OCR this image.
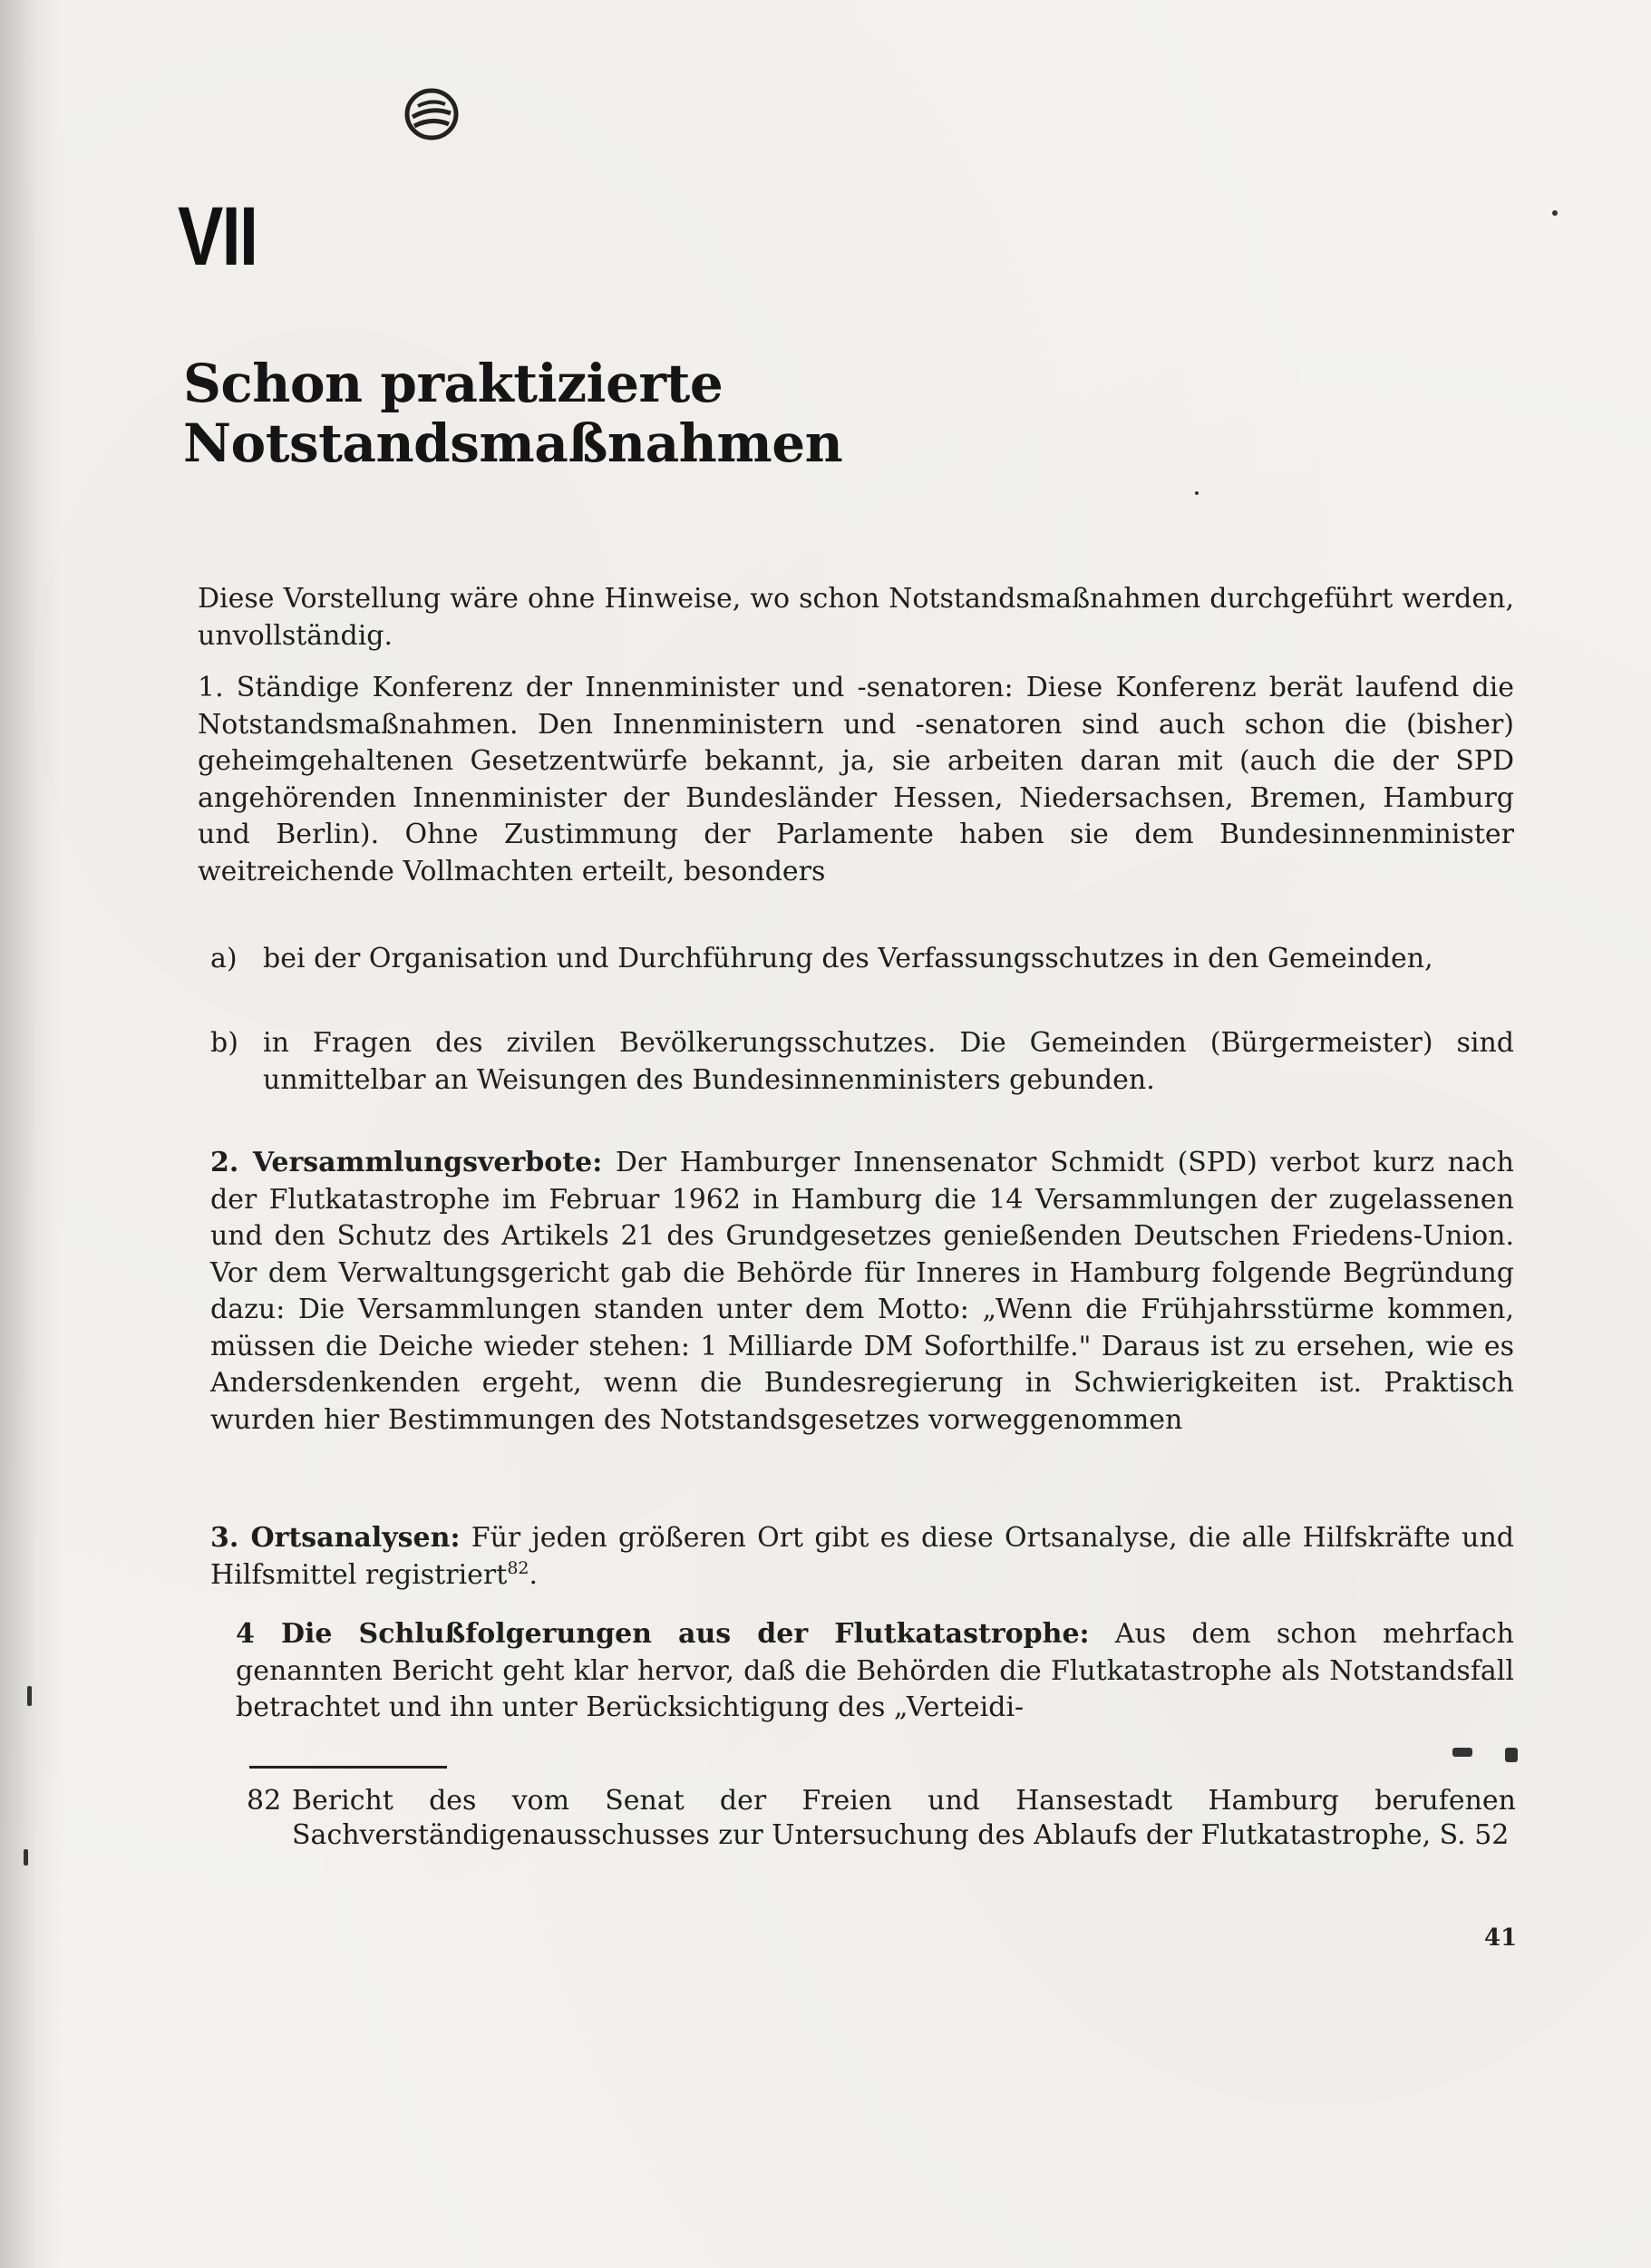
VII
Schon praktizierte
Notstandsmaßnahmen

Diese Vorstellung wäre ohne Hinweise, wo schon Notstandsmaßnahmen durchgeführt werden, unvollständig.

1. Ständige Konferenz der Innenminister und -senatoren: Diese Konferenz berät laufend die Notstandsmaßnahmen. Den Innenministern und -senatoren sind auch schon die (bisher) geheimgehaltenen Gesetzentwürfe bekannt, ja, sie arbeiten daran mit (auch die der SPD angehörenden Innenminister der Bundesländer Hessen, Niedersachsen, Bremen, Hamburg und Berlin). Ohne Zustimmung der Parlamente haben sie dem Bundesinnenminister weitreichende Vollmachten erteilt, besonders

a) bei der Organisation und Durchführung des Verfassungsschutzes in den Gemeinden,
b) in Fragen des zivilen Bevölkerungsschutzes. Die Gemeinden (Bürgermeister) sind unmittelbar an Weisungen des Bundesinnenministers gebunden.

2. Versammlungsverbote: Der Hamburger Innensenator Schmidt (SPD) verbot kurz nach der Flutkatastrophe im Februar 1962 in Hamburg die 14 Versammlungen der zugelassenen und den Schutz des Artikels 21 des Grundgesetzes genießenden Deutschen Friedens-Union. Vor dem Verwaltungsgericht gab die Behörde für Inneres in Hamburg folgende Begründung dazu: Die Versammlungen standen unter dem Motto: „Wenn die Frühjahrsstürme kommen, müssen die Deiche wieder stehen: 1 Milliarde DM Soforthilfe." Daraus ist zu ersehen, wie es Andersdenkenden ergeht, wenn die Bundesregierung in Schwierigkeiten ist. Praktisch wurden hier Bestimmungen des Notstandsgesetzes vorweggenommen

3. Ortsanalysen: Für jeden größeren Ort gibt es diese Ortsanalyse, die alle Hilfskräfte und Hilfsmittel registriert$^{82}$.

4 Die Schlußfolgerungen aus der Flutkatastrophe: Aus dem schon mehrfach genannten Bericht geht klar hervor, daß die Behörden die Flutkatastrophe als Notstandsfall betrachtet und ihn unter Berücksichtigung des „Verteidi-

82 Bericht des vom Senat der Freien und Hansestadt Hamburg berufenen Sachverständigenausschusses zur Untersuchung des Ablaufs der Flutkatastrophe, S. 52
41
